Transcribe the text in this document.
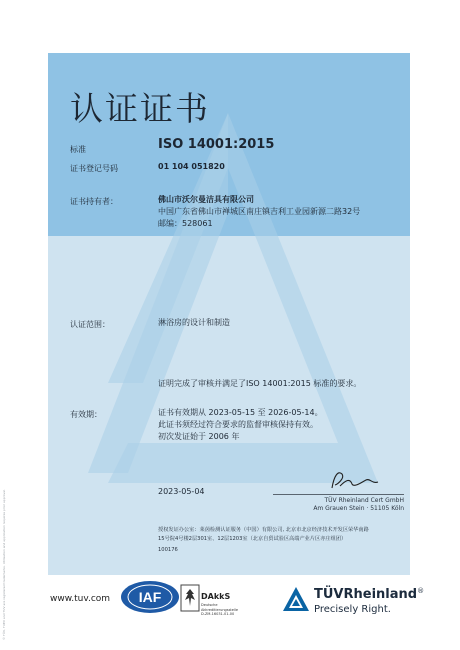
© TÜV, TUEV and TUV are registered trademarks. Utilisation and application requires prior approval.
认证证书
标准	ISO 14001:2015
证书登记号码	01 104 051820
证书持有者：	佛山市沃尔曼洁具有限公司
中国广东省佛山市禅城区南庄镇吉利工业园新源二路32号
邮编：528061
认证范围：	淋浴房的设计和制造
证明完成了审核并满足了ISO 14001:2015 标准的要求。
有效期：	证书有效期从 2023-05-15 至 2026-05-14。
此证书须经过符合要求的监督审核保持有效。
初次发证始于 2006 年
2023-05-04
TÜV Rheinland Cert GmbH
Am Grauen Stein · 51105 Köln
授权发证办公室：莱茵检测认证服务（中国）有限公司, 北京市北京经济技术开发区荣华南路
15号院4号楼2层301室、12层1203室（北京自贸试验区高端产业片区亦庄组团）
100176
www.tuv.com IAF	DAkkS
Deutsche
Akkreditierungsstelle
D-ZM-16031-01-00
TÜVRheinland®
Precisely Right.
